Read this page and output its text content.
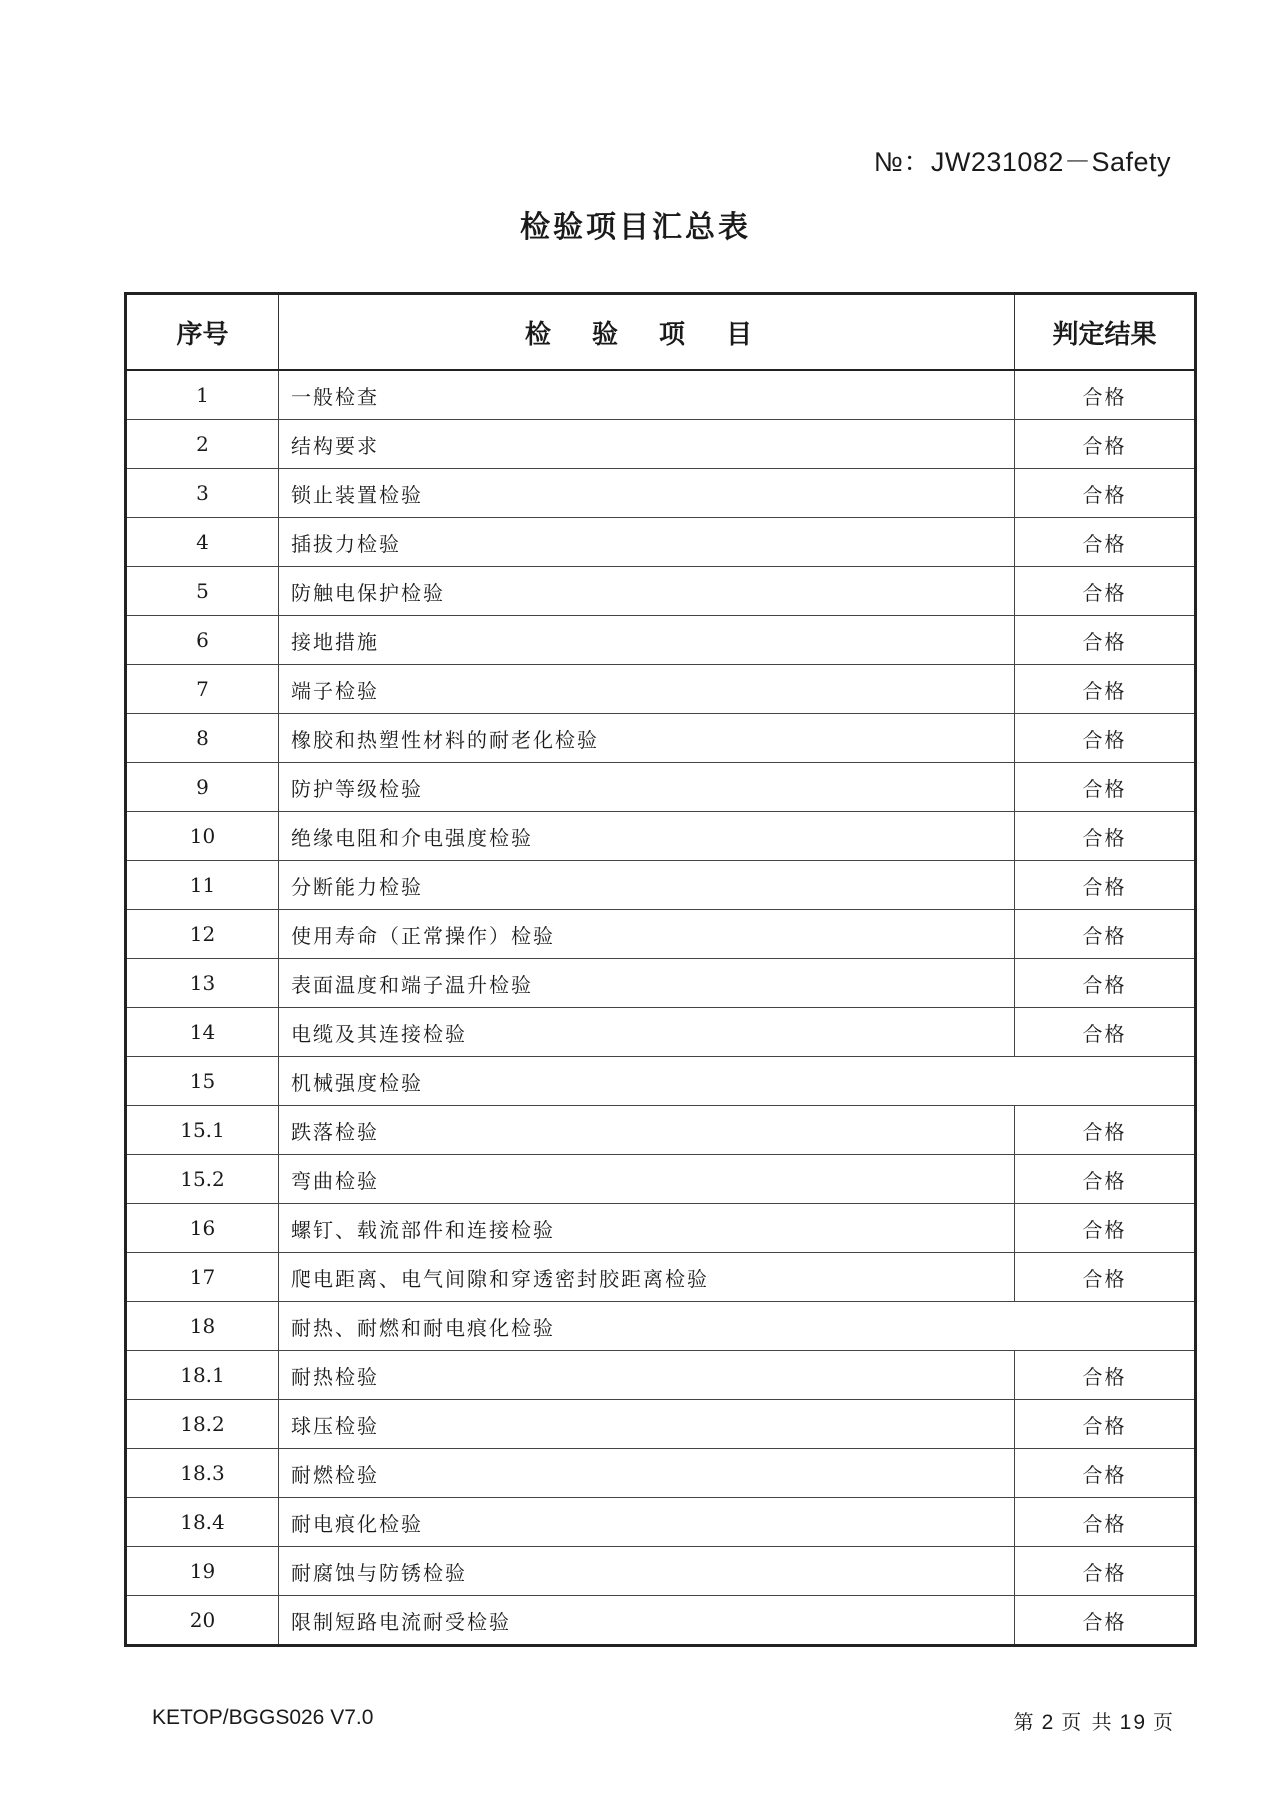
№：JW231082－Safety
检验项目汇总表
序号	检 验 项 目	判定结果
1	一般检查	合格
2	结构要求	合格
3	锁止装置检验	合格
4	插拔力检验	合格
5	防触电保护检验	合格
6	接地措施	合格
7	端子检验	合格
8	橡胶和热塑性材料的耐老化检验	合格
9	防护等级检验	合格
10	绝缘电阻和介电强度检验	合格
11	分断能力检验	合格
12	使用寿命（正常操作）检验	合格
13	表面温度和端子温升检验	合格
14	电缆及其连接检验	合格
15	机械强度检验	
15.1	跌落检验	合格
15.2	弯曲检验	合格
16	螺钉、载流部件和连接检验	合格
17	爬电距离、电气间隙和穿透密封胶距离检验	合格
18	耐热、耐燃和耐电痕化检验	
18.1	耐热检验	合格
18.2	球压检验	合格
18.3	耐燃检验	合格
18.4	耐电痕化检验	合格
19	耐腐蚀与防锈检验	合格
20	限制短路电流耐受检验	合格
KETOP/BGGS026 V7.0	第 2 页 共 19 页
